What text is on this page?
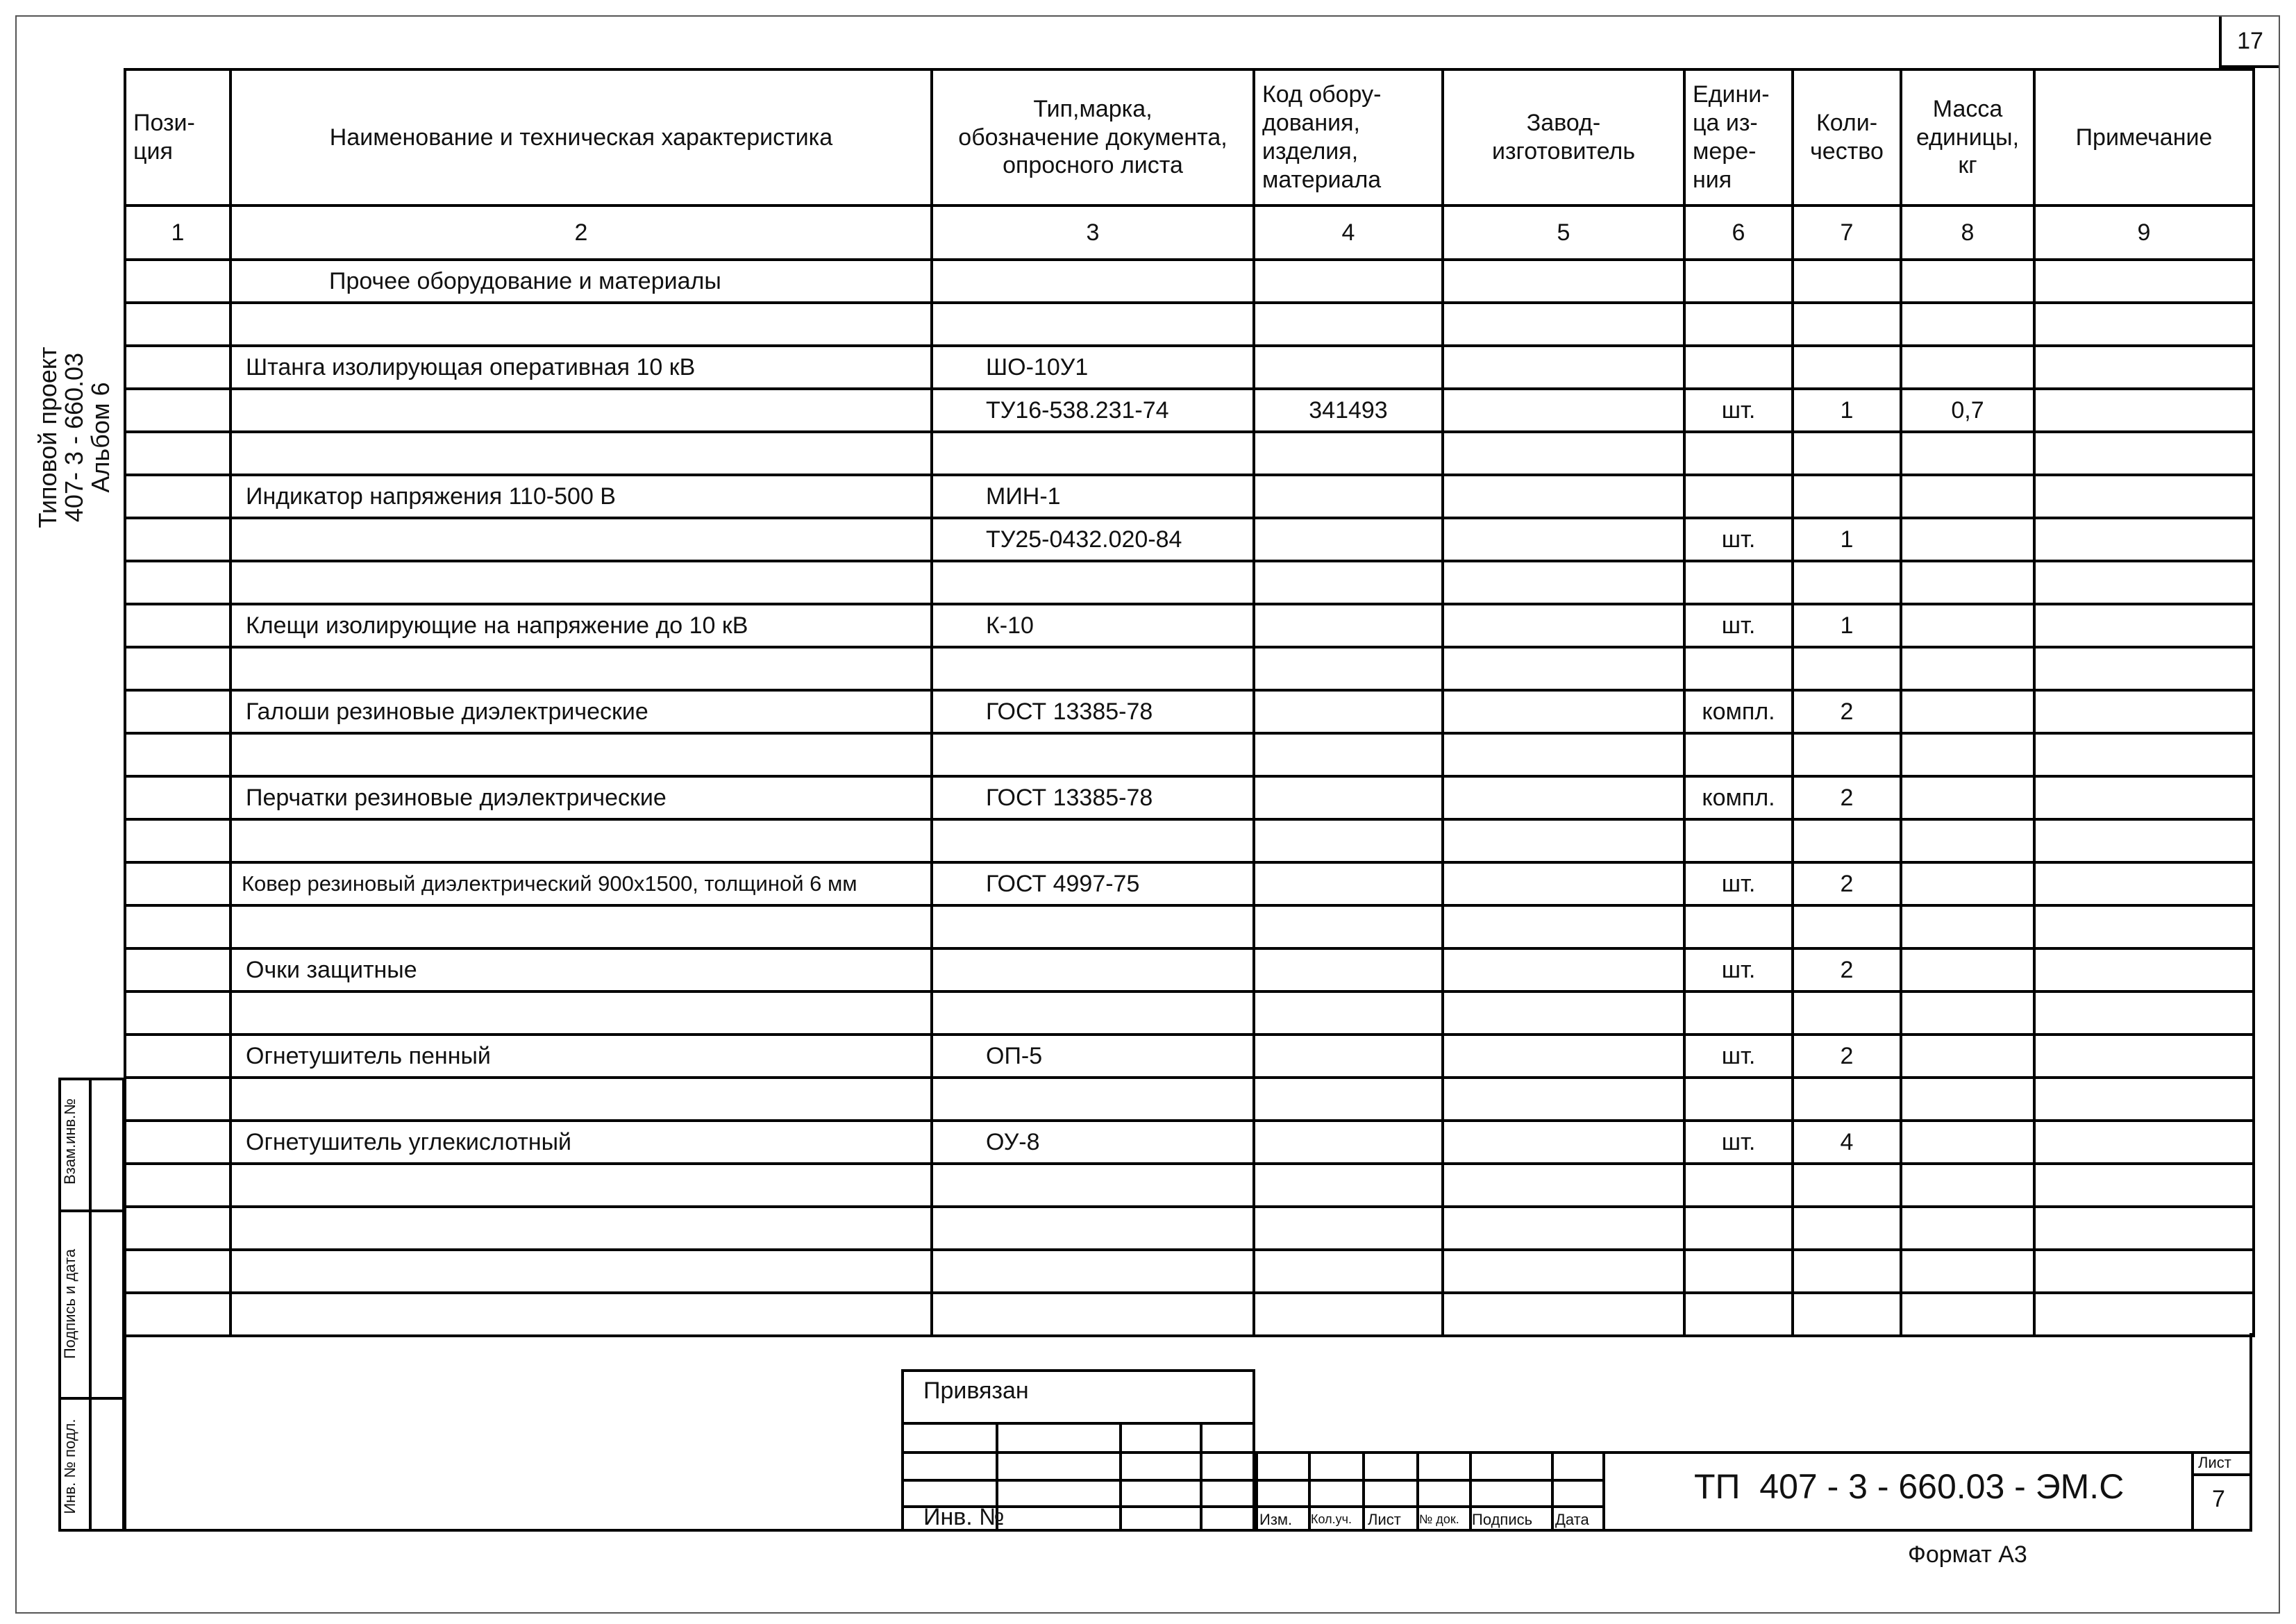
17
Типовой проект
407- 3 - 660.03
Альбом 6
Взам.инв.№
Подпись и дата
Инв. № подл.
Пози-
ция	Наименование и техническая характеристика	Тип,марка,
обозначение документа,
опросного листа	Код обору-
дования,
изделия,
материала	Завод-
изготовитель	Едини-
ца из-
мере-
ния	Коли-
чество	Масса
единицы,
кг	Примечание
1	2	3	4	5	6	7	8	9
	Прочее оборудование и материалы							

	Штанга изолирующая оперативная 10 кВ	ШО-10У1						
		ТУ16-538.231-74	341493		шт.	1	0,7	

	Индикатор напряжения 110-500 В	МИН-1						
		ТУ25-0432.020-84			шт.	1		

	Клещи изолирующие на напряжение до 10 кВ	К-10			шт.	1		

	Галоши резиновые диэлектрические	ГОСТ 13385-78			компл.	2		

	Перчатки резиновые диэлектрические	ГОСТ 13385-78			компл.	2		

	Ковер резиновый диэлектрический 900х1500, толщиной 6 мм	ГОСТ 4997-75			шт.	2		

	Очки защитные				шт.	2		

	Огнетушитель пенный	ОП-5			шт.	2		

	Огнетушитель углекислотный	ОУ-8			шт.	4		

Привязан
Инв. №	Изм. Кол.уч. Лист № док. Подпись Дата
ТП  407 - 3 - 660.03 - ЭМ.С
Лист
7
Формат А3
